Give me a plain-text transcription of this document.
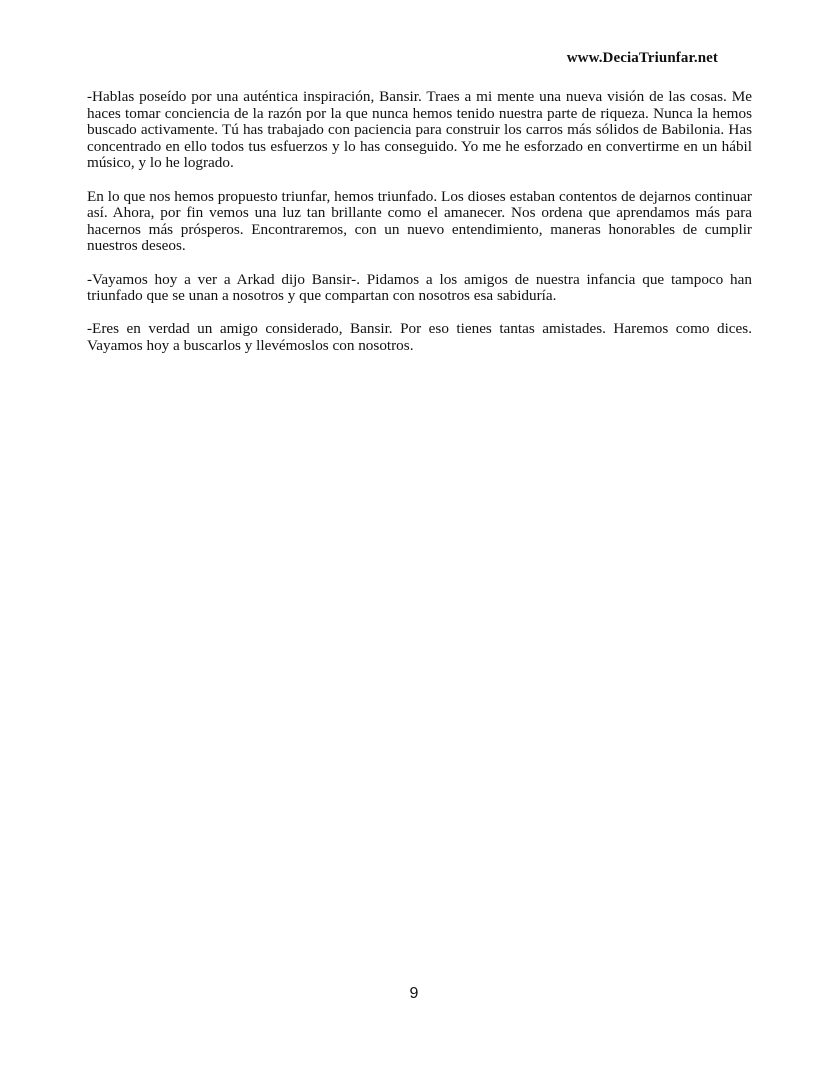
www.DeciaTriunfar.net

-Hablas poseído por una auténtica inspiración, Bansir. Traes a mi mente una nueva visión de las cosas. Me haces tomar conciencia de la razón por la que nunca hemos tenido nuestra parte de riqueza. Nunca la hemos buscado activamente. Tú has trabajado con paciencia para construir los carros más sólidos de Babilonia. Has concentrado en ello todos tus esfuerzos y lo has conseguido. Yo me he esforzado en convertirme en un hábil músico, y lo he logrado.

En lo que nos hemos propuesto triunfar, hemos triunfado. Los dioses estaban contentos de dejarnos continuar así. Ahora, por fin vemos una luz tan brillante como el amanecer. Nos ordena que aprendamos más para hacernos más prósperos. Encontraremos, con un nuevo entendimiento, maneras honorables de cumplir nuestros deseos.

-Vayamos hoy a ver a Arkad dijo Bansir-. Pidamos a los amigos de nuestra infancia que tampoco han triunfado que se unan a nosotros y que compartan con nosotros esa sabiduría.

-Eres en verdad un amigo considerado, Bansir. Por eso tienes tantas amistades. Haremos como dices. Vayamos hoy a buscarlos y llevémoslos con nosotros.

9
